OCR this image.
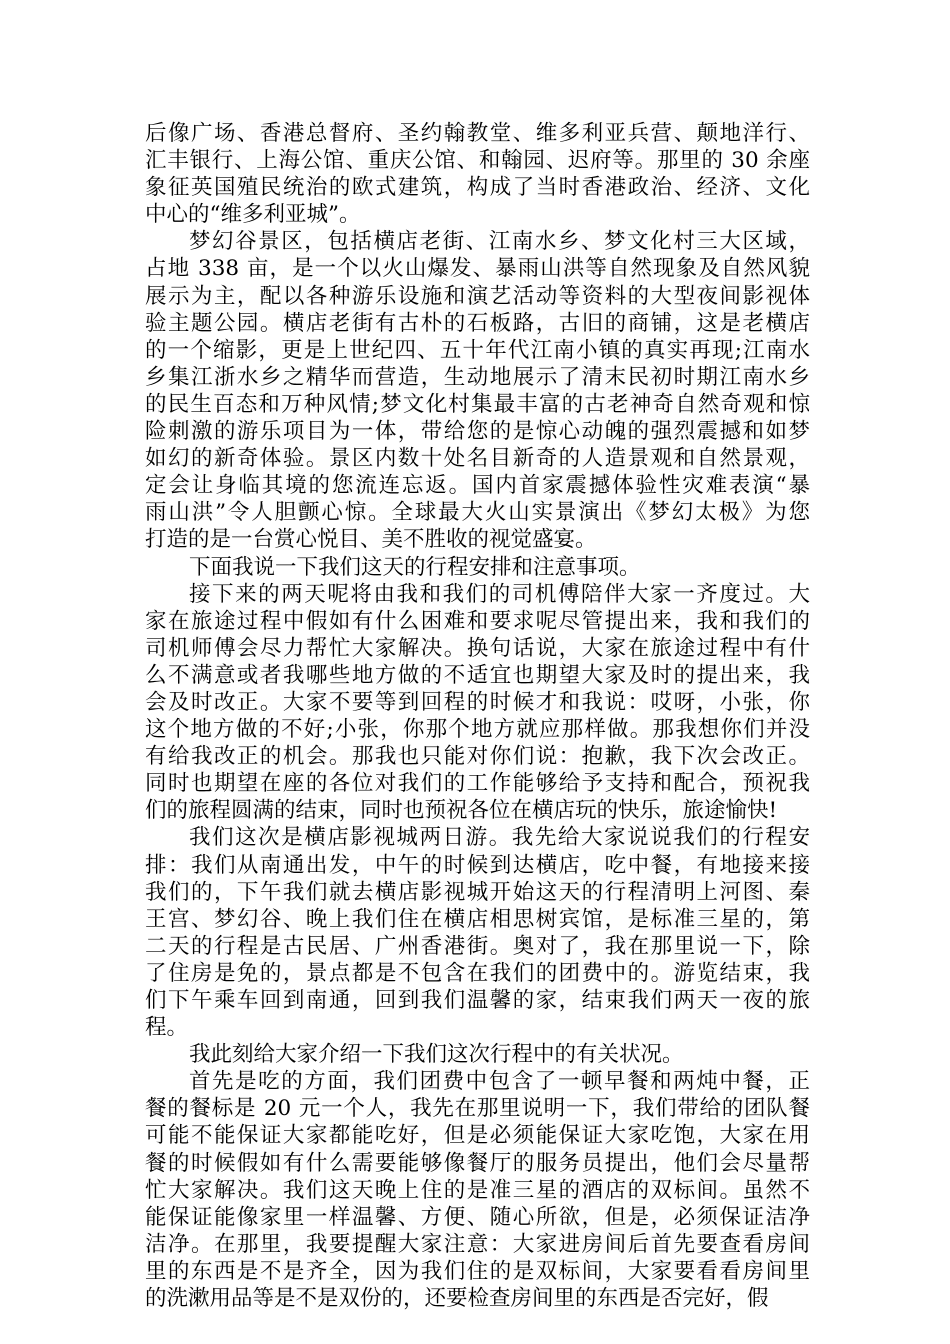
后像广场、香港总督府、圣约翰教堂、维多利亚兵营、颠地洋行、
汇丰银行、上海公馆、重庆公馆、和翰园、迟府等。那里的 30 余座
象征英国殖民统治的欧式建筑，构成了当时香港政治、经济、文化
中心的“维多利亚城”。
梦幻谷景区，包括横店老街、江南水乡、梦文化村三大区域，
占地 338 亩，是一个以火山爆发、暴雨山洪等自然现象及自然风貌
展示为主，配以各种游乐设施和演艺活动等资料的大型夜间影视体
验主题公园。横店老街有古朴的石板路，古旧的商铺，这是老横店
的一个缩影，更是上世纪四、五十年代江南小镇的真实再现;江南水
乡集江浙水乡之精华而营造，生动地展示了清末民初时期江南水乡
的民生百态和万种风情;梦文化村集最丰富的古老神奇自然奇观和惊
险刺激的游乐项目为一体，带给您的是惊心动魄的强烈震撼和如梦
如幻的新奇体验。景区内数十处名目新奇的人造景观和自然景观，
定会让身临其境的您流连忘返。国内首家震撼体验性灾难表演“暴
雨山洪”令人胆颤心惊。全球最大火山实景演出《梦幻太极》为您
打造的是一台赏心悦目、美不胜收的视觉盛宴。
下面我说一下我们这天的行程安排和注意事项。
接下来的两天呢将由我和我们的司机傅陪伴大家一齐度过。大
家在旅途过程中假如有什么困难和要求呢尽管提出来，我和我们的
司机师傅会尽力帮忙大家解决。换句话说，大家在旅途过程中有什
么不满意或者我哪些地方做的不适宜也期望大家及时的提出来，我
会及时改正。大家不要等到回程的时候才和我说：哎呀，小张，你
这个地方做的不好;小张，你那个地方就应那样做。那我想你们并没
有给我改正的机会。那我也只能对你们说：抱歉，我下次会改正。
同时也期望在座的各位对我们的工作能够给予支持和配合，预祝我
们的旅程圆满的结束，同时也预祝各位在横店玩的快乐，旅途愉快!
我们这次是横店影视城两日游。我先给大家说说我们的行程安
排：我们从南通出发，中午的时候到达横店，吃中餐，有地接来接
我们的，下午我们就去横店影视城开始这天的行程清明上河图、秦
王宫、梦幻谷、晚上我们住在横店相思树宾馆，是标准三星的，第
二天的行程是古民居、广州香港街。奥对了，我在那里说一下，除
了住房是免的，景点都是不包含在我们的团费中的。游览结束，我
们下午乘车回到南通，回到我们温馨的家，结束我们两天一夜的旅
程。
我此刻给大家介绍一下我们这次行程中的有关状况。
首先是吃的方面，我们团费中包含了一顿早餐和两炖中餐，正
餐的餐标是 20 元一个人，我先在那里说明一下，我们带给的团队餐
可能不能保证大家都能吃好，但是必须能保证大家吃饱，大家在用
餐的时候假如有什么需要能够像餐厅的服务员提出，他们会尽量帮
忙大家解决。我们这天晚上住的是准三星的酒店的双标间。虽然不
能保证能像家里一样温馨、方便、随心所欲，但是，必须保证洁净
洁净。在那里，我要提醒大家注意：大家进房间后首先要查看房间
里的东西是不是齐全，因为我们住的是双标间，大家要看看房间里
的洗漱用品等是不是双份的，还要检查房间里的东西是否完好，假
